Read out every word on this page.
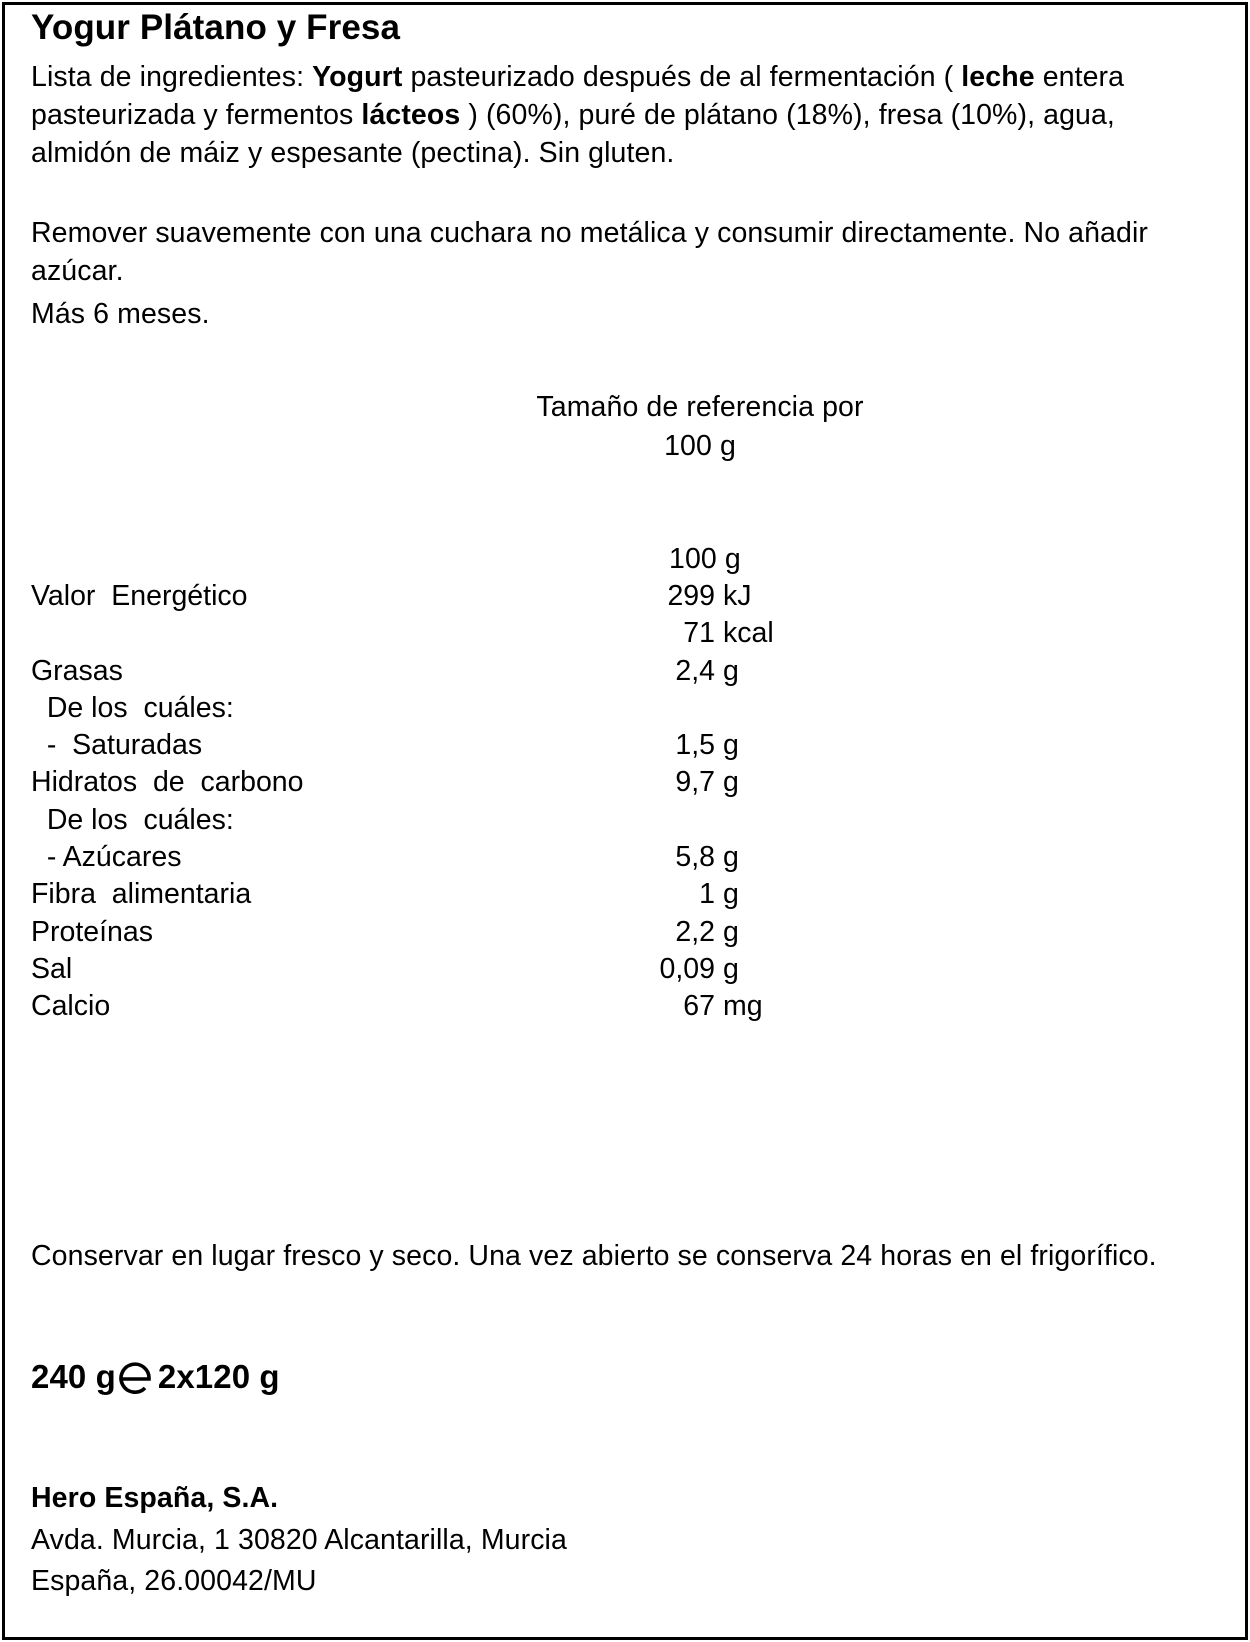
Yogur Plátano y Fresa
Lista de ingredientes: Yogurt pasteurizado después de al fermentación ( leche entera pasteurizada y fermentos lácteos ) (60%), puré de plátano (18%), fresa (10%), agua, almidón de máiz y espesante (pectina). Sin gluten.
Remover suavemente con una cuchara no metálica y consumir directamente. No añadir azúcar.
Más 6 meses.
Tamaño de referencia por
100 g
100 g
Valor  Energético	299 kJ
71 kcal
Grasas	2,4 g
De los  cuáles:
-  Saturadas	1,5 g
Hidratos  de  carbono	9,7 g
De los  cuáles:
- Azúcares	5,8 g
Fibra  alimentaria	1 g
Proteínas	2,2 g
Sal	0,09 g
Calcio	67 mg
Conservar en lugar fresco y seco. Una vez abierto se conserva 24 horas en el frigorífico.
240 g 2x120 g
Hero España, S.A.
Avda. Murcia, 1 30820 Alcantarilla, Murcia
España, 26.00042/MU
